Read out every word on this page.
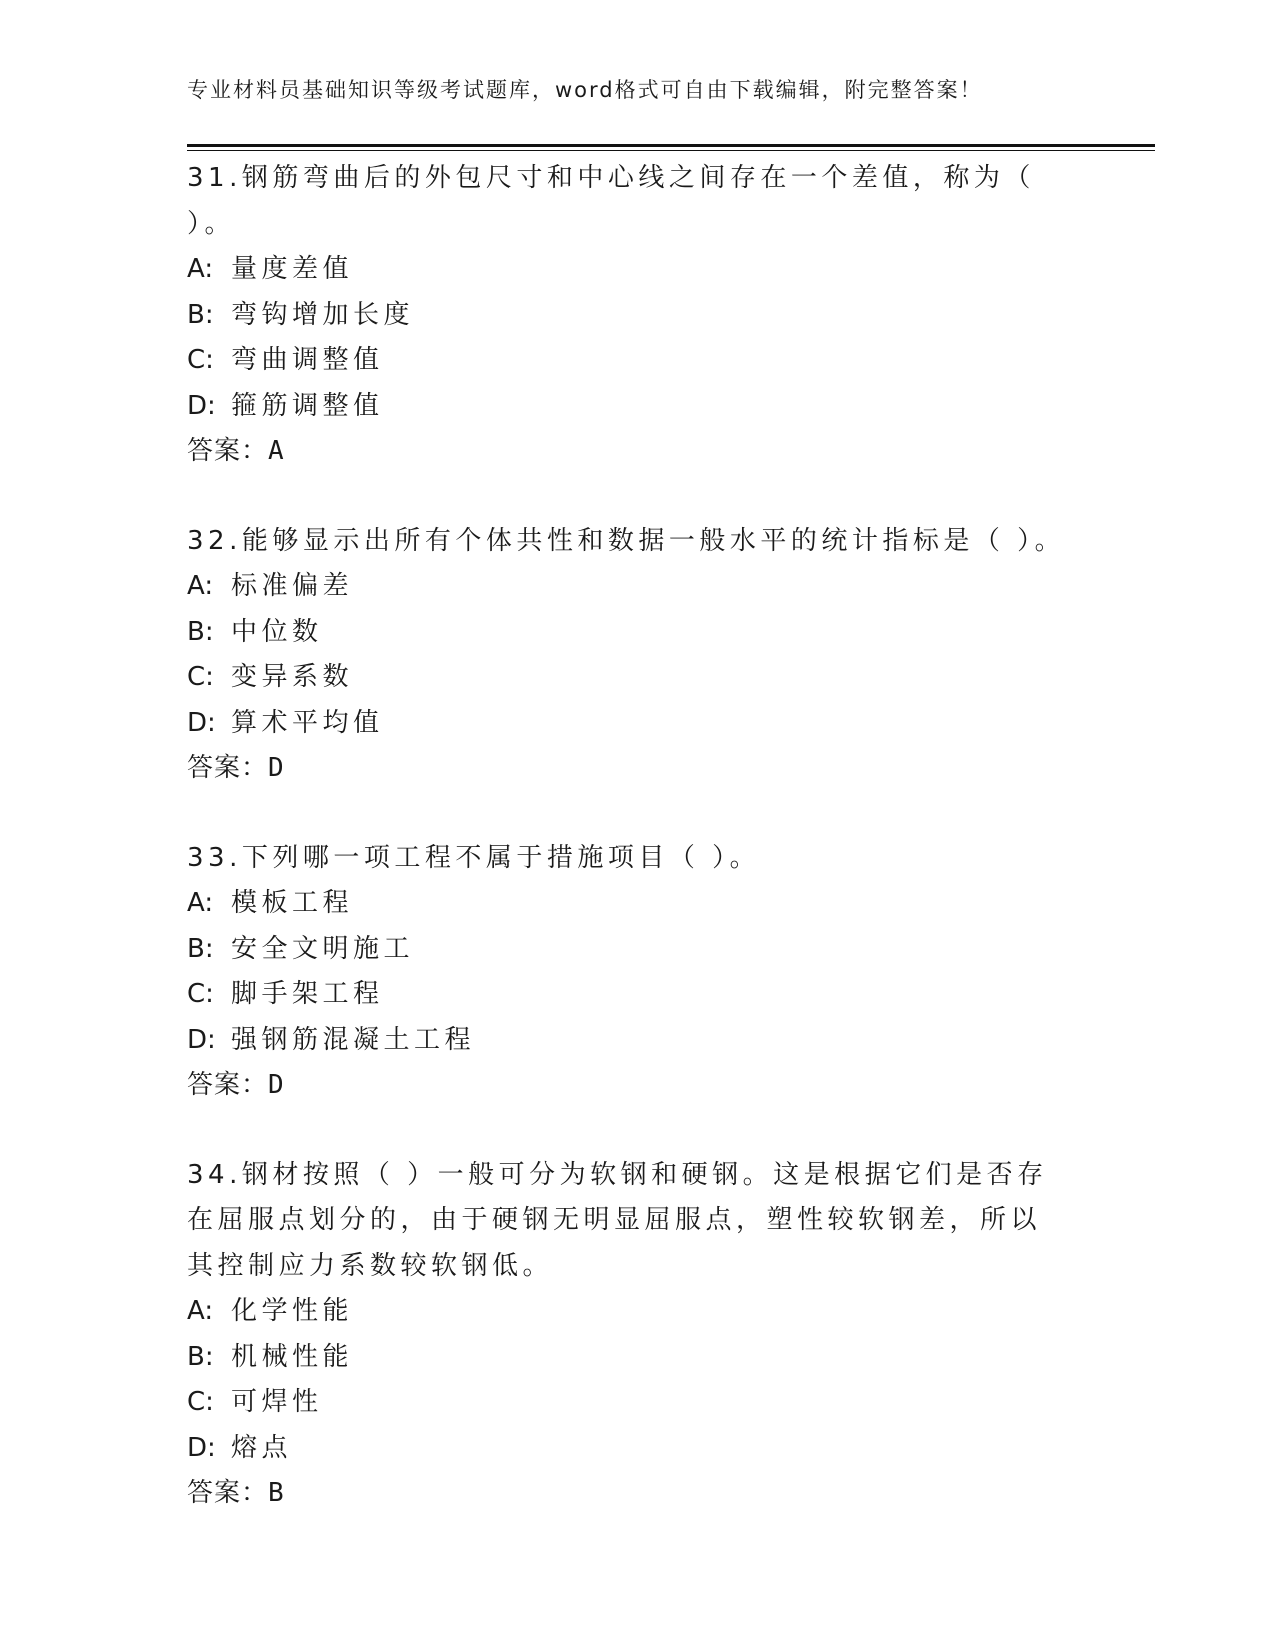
专业材料员基础知识等级考试题库，word格式可自由下载编辑，附完整答案！
31.钢筋弯曲后的外包尺寸和中心线之间存在一个差值，称为（ ）。
A: 量度差值
B: 弯钩增加长度
C: 弯曲调整值
D: 箍筋调整值
答案：A
32.能够显示出所有个体共性和数据一般水平的统计指标是（ ）。
A: 标准偏差
B: 中位数
C: 变异系数
D: 算术平均值
答案：D
33.下列哪一项工程不属于措施项目（ ）。
A: 模板工程
B: 安全文明施工
C: 脚手架工程
D: 强钢筋混凝土工程
答案：D
34.钢材按照（ ）一般可分为软钢和硬钢。这是根据它们是否存在屈服点划分的，由于硬钢无明显屈服点，塑性较软钢差，所以其控制应力系数较软钢低。
A: 化学性能
B: 机械性能
C: 可焊性
D: 熔点
答案：B
